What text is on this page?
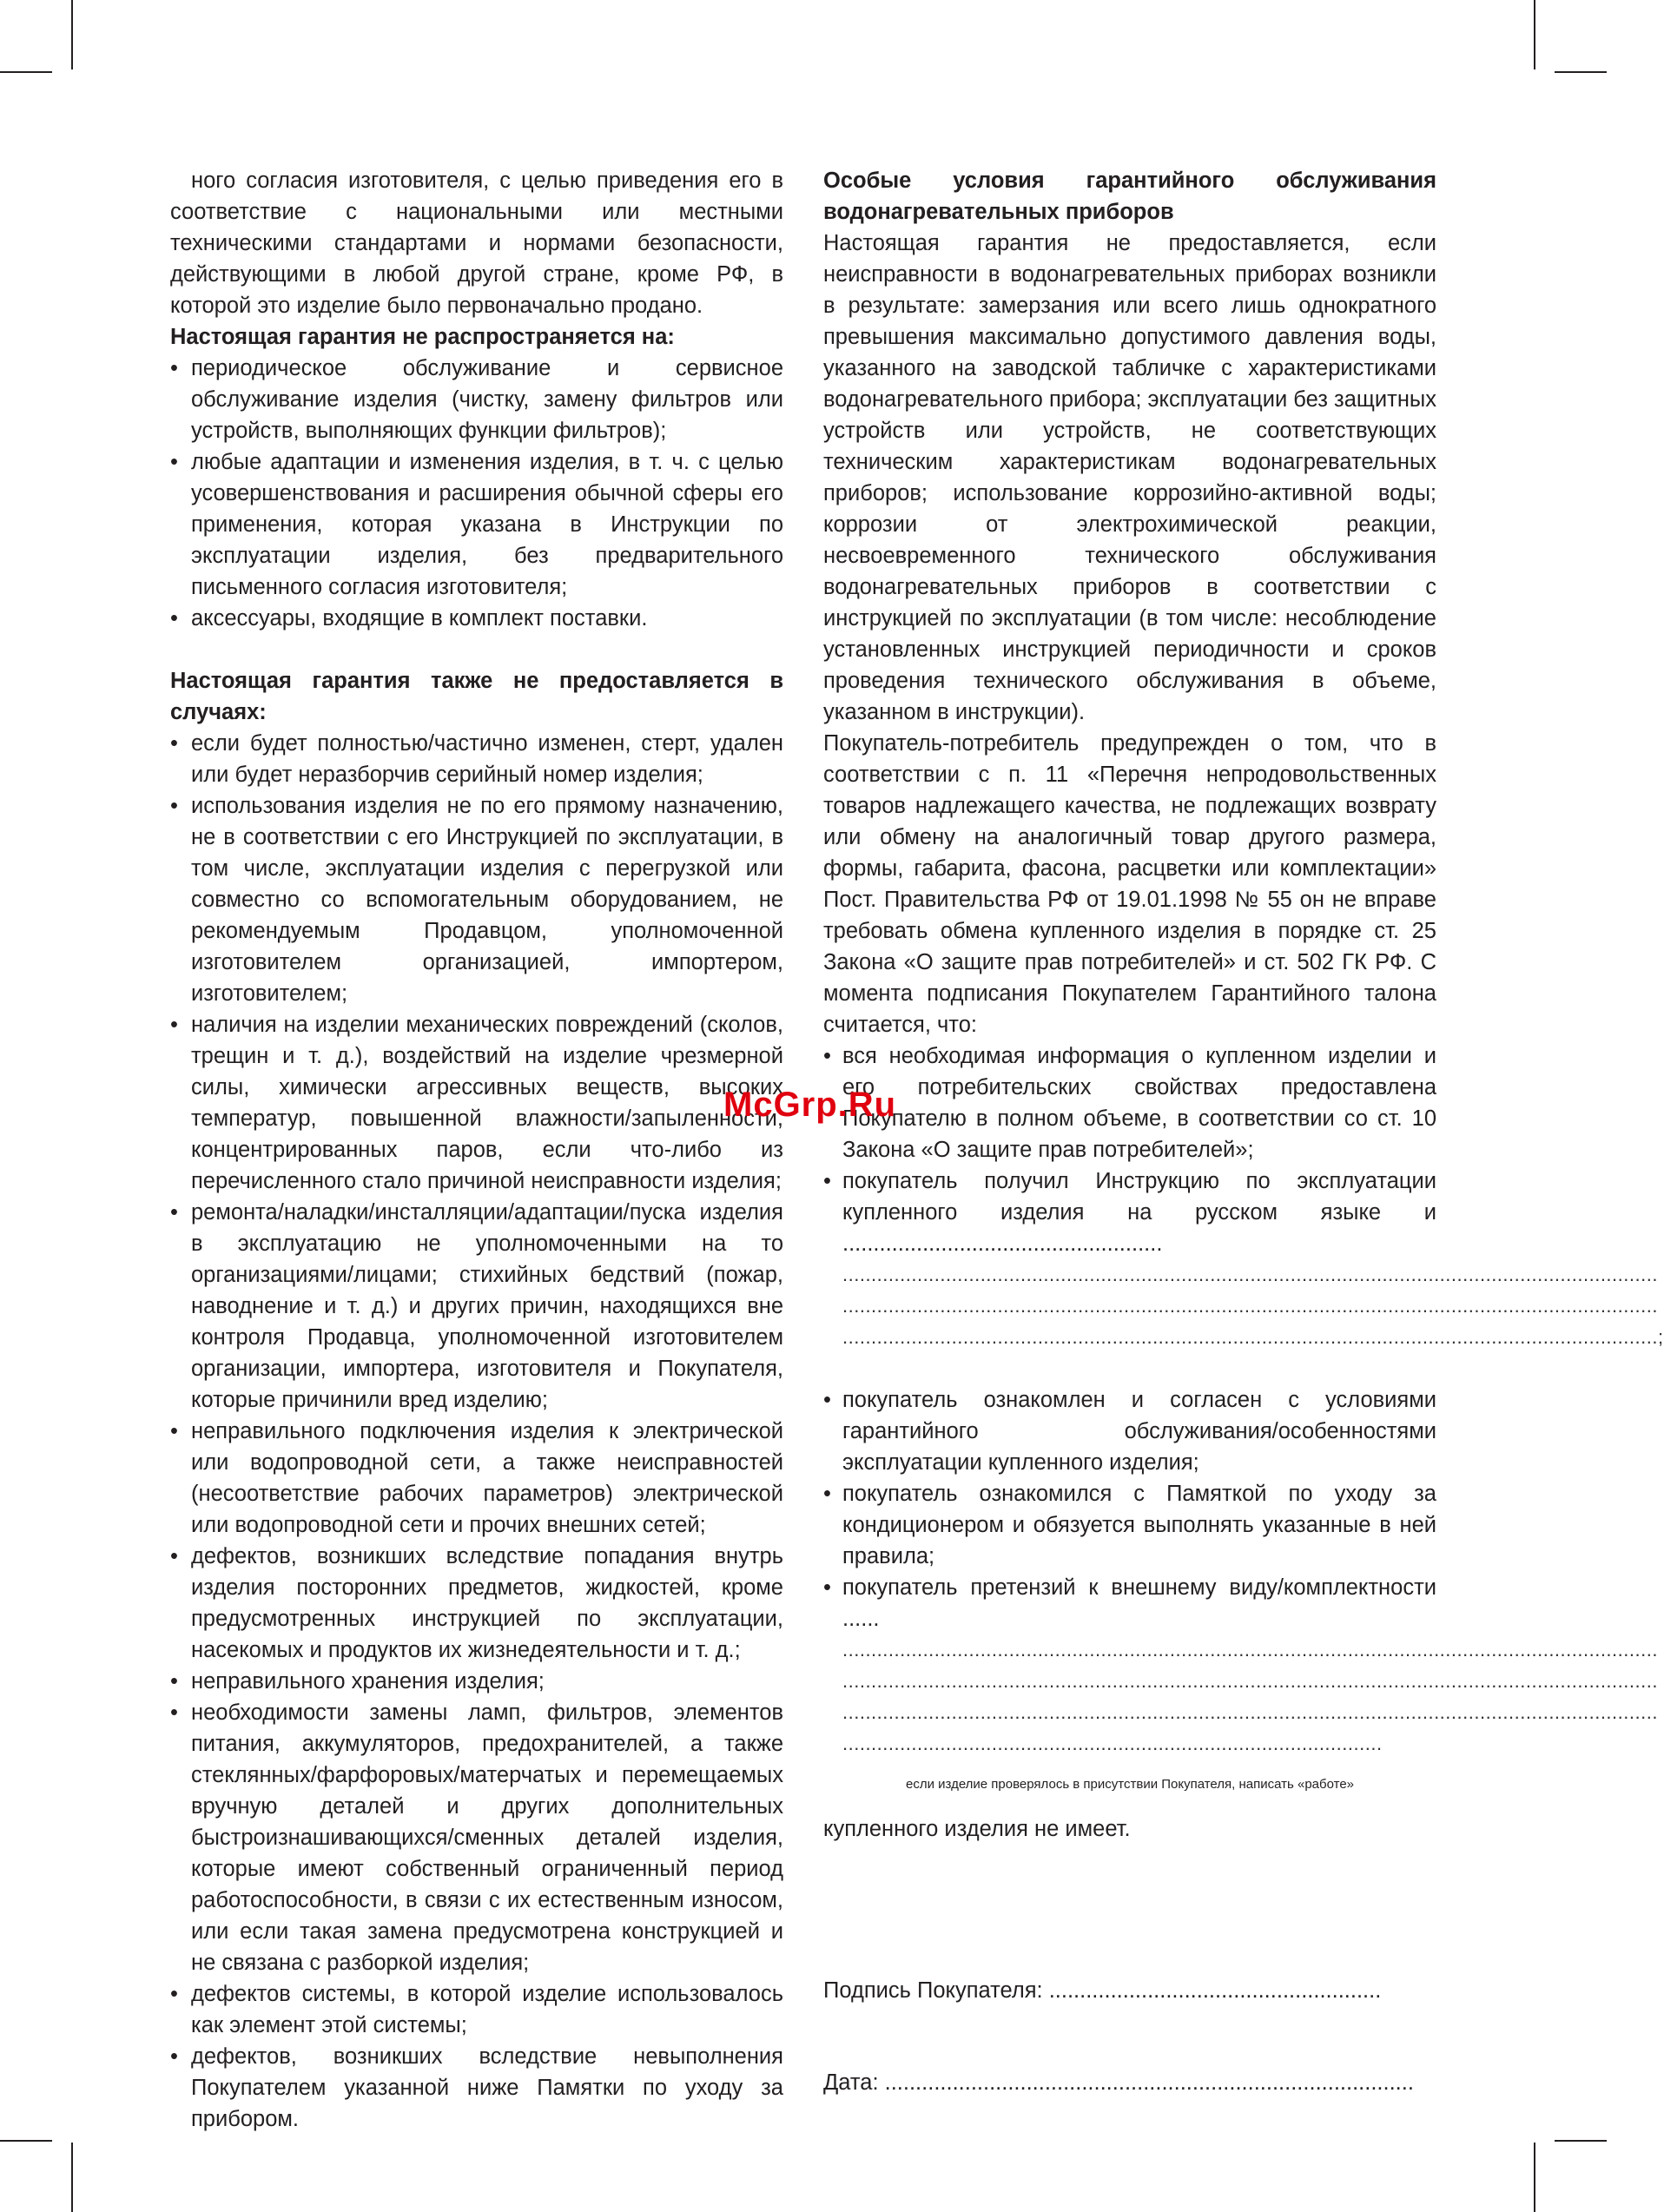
ного согласия изготовителя, с целью приведения его в соответствие с национальными или местными техническими стандартами и нормами безопасности, действующими в любой другой стране, кроме РФ, в которой это изделие было первоначально продано.

Настоящая гарантия не распространяется на:
• периодическое обслуживание и сервисное обслуживание изделия (чистку, замену фильтров или устройств, выполняющих функции фильтров);
• любые адаптации и изменения изделия, в т. ч. с целью усовершенствования и расширения обычной сферы его применения, которая указана в Инструкции по эксплуатации изделия, без предварительного письменного согласия изготовителя;
• аксессуары, входящие в комплект поставки.
Настоящая гарантия также не предоставляется в случаях:
• если будет полностью/частично изменен, стерт, удален или будет неразборчив серийный номер изделия;
• использования изделия не по его прямому назначению, не в соответствии с его Инструкцией по эксплуатации, в том числе, эксплуатации изделия с перегрузкой или совместно со вспомогательным оборудованием, не рекомендуемым Продавцом, уполномоченной изготовителем организацией, импортером, изготовителем;
• наличия на изделии механических повреждений (сколов, трещин и т. д.), воздействий на изделие чрезмерной силы, химически агрессивных веществ, высоких температур, повышенной влажности/запыленности, концентрированных паров, если что-либо из перечисленного стало причиной неисправности изделия;
• ремонта/наладки/инсталляции/адаптации/пуска изделия в эксплуатацию не уполномоченными на то организациями/лицами; стихийных бедствий (пожар, наводнение и т. д.) и других причин, находящихся вне контроля Продавца, уполномоченной изготовителем организации, импортера, изготовителя и Покупателя, которые причинили вред изделию;
• неправильного подключения изделия к электрической или водопроводной сети, а также неисправностей (несоответствие рабочих параметров) электрической или водопроводной сети и прочих внешних сетей;
• дефектов, возникших вследствие попадания внутрь изделия посторонних предметов, жидкостей, кроме предусмотренных инструкцией по эксплуатации, насекомых и продуктов их жизнедеятельности и т. д.;
• неправильного хранения изделия;
• необходимости замены ламп, фильтров, элементов питания, аккумуляторов, предохранителей, а также стеклянных/фарфоровых/матерчатых и перемещаемых вручную деталей и других дополнительных быстроизнашивающихся/сменных деталей изделия, которые имеют собственный ограниченный период работоспособности, в связи с их естественным износом, или если такая замена предусмотрена конструкцией и не связана с разборкой изделия;
• дефектов системы, в которой изделие использовалось как элемент этой системы;
• дефектов, возникших вследствие невыполнения Покупателем указанной ниже Памятки по уходу за прибором.
Особые условия гарантийного обслуживания водонагревательных приборов

Настоящая гарантия не предоставляется, если неисправности в водонагревательных приборах возникли в результате: замерзания или всего лишь однократного превышения максимально допустимого давления воды, указанного на заводской табличке с характеристиками водонагревательного прибора; эксплуатации без защитных устройств или устройств, не соответствующих техническим характеристикам водонагревательных приборов; использование коррозийно-активной воды; коррозии от электрохимической реакции, несвоевременного технического обслуживания водонагревательных приборов в соответствии с инструкцией по эксплуатации (в том числе: несоблюдение установленных инструкцией периодичности и сроков проведения технического обслуживания в объеме, указанном в инструкции).

Покупатель-потребитель предупрежден о том, что в соответствии с п. 11 «Перечня непродовольственных товаров надлежащего качества, не подлежащих возврату или обмену на аналогичный товар другого размера, формы, габарита, фасона, расцветки или комплектации» Пост. Правительства РФ от 19.01.1998 № 55 он не вправе требовать обмена купленного изделия в порядке ст. 25 Закона «О защите прав потребителей» и ст. 502 ГК РФ. С момента подписания Покупателем Гарантийного талона считается, что:

• вся необходимая информация о купленном изделии и его потребительских свойствах предоставлена Покупателю в полном объеме, в соответствии со ст. 10 Закона «О защите прав потребителей»;
• покупатель получил Инструкцию по эксплуатации купленного изделия на русском языке и ....................................................
..............................................................................................................................................
..............................................................................................................................................
..............................................................................................................................................;
• покупатель ознакомлен и согласен с условиями гарантийного обслуживания/особенностями эксплуатации купленного изделия;
• покупатель ознакомился с Памяткой по уходу за кондиционером и обязуется выполнять указанные в ней правила;
• покупатель претензий к внешнему виду/комплектности ......
..............................................................................................................................................
..............................................................................................................................................
..............................................................................................................................................
..............................................................................................
если изделие проверялось в присутствии Покупателя, написать «работе»

купленного изделия не имеет.

Подпись Покупателя: ......................................................

Дата: ......................................................................................

McGrp.Ru
